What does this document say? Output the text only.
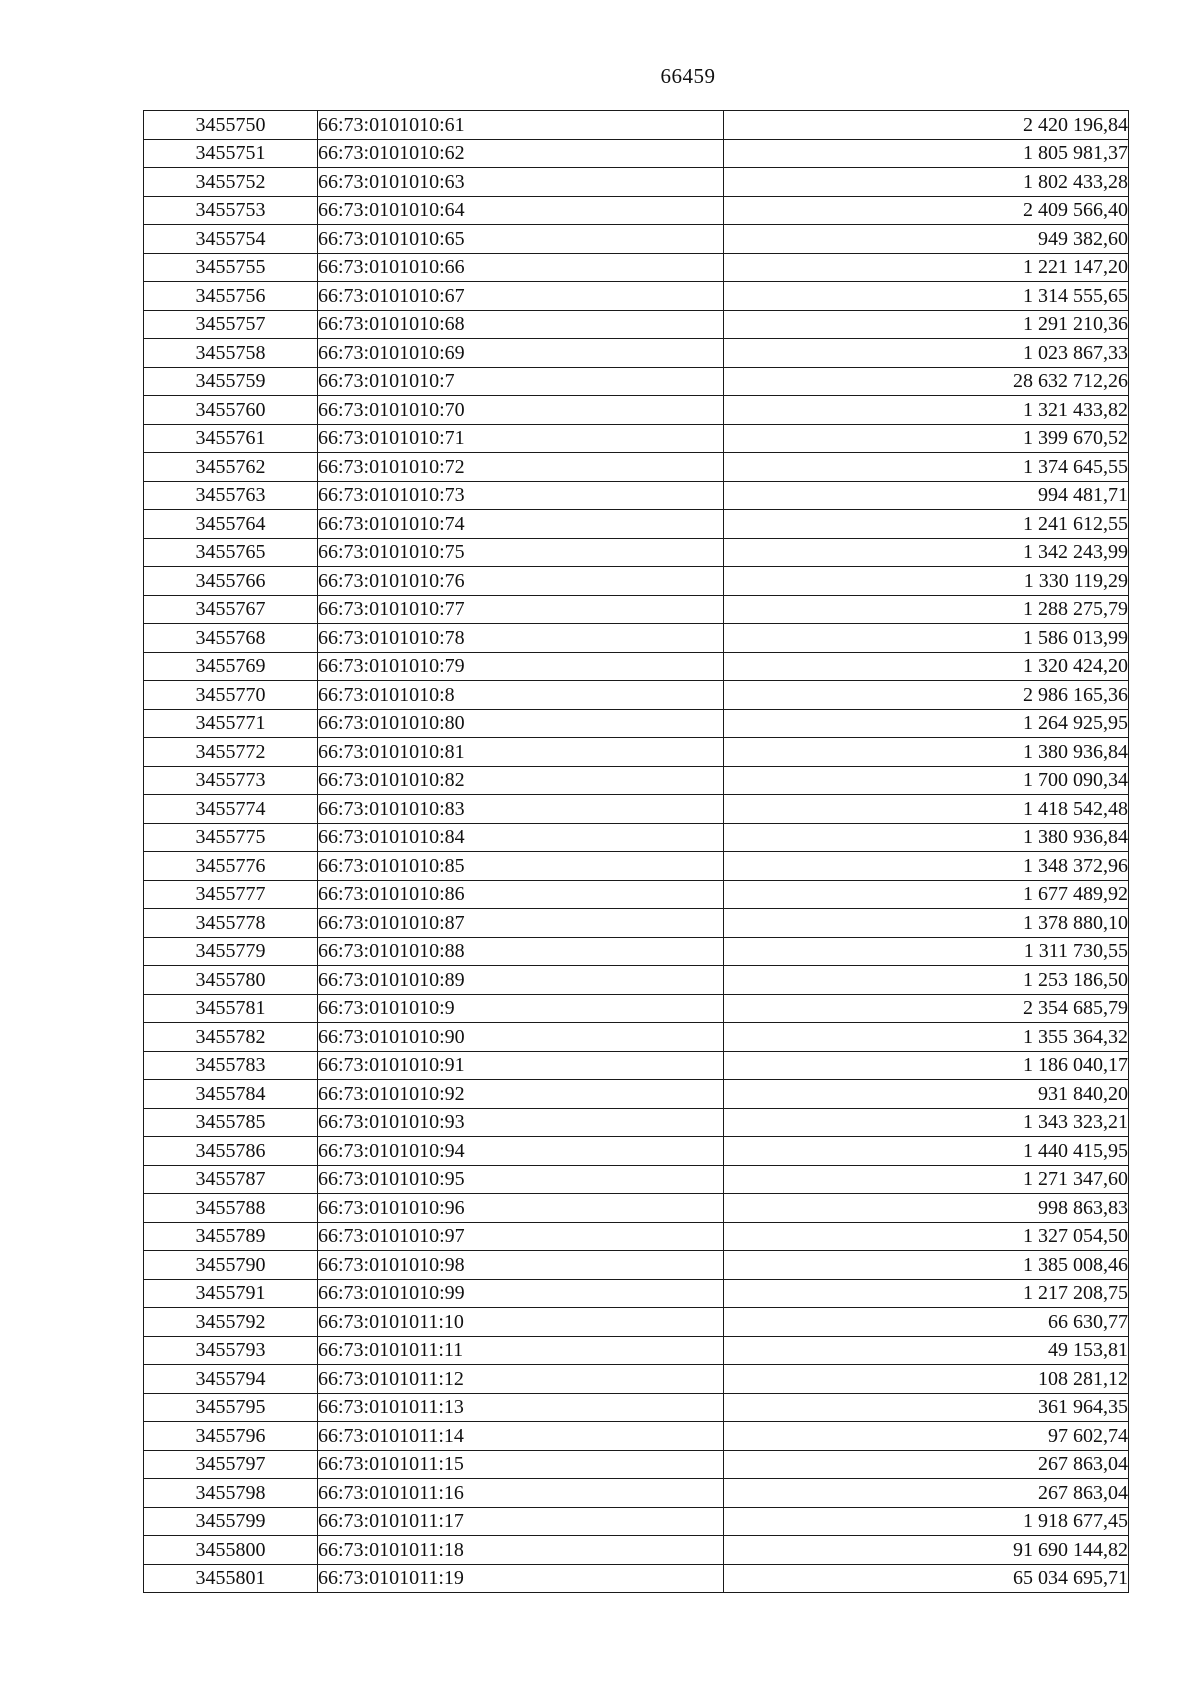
66459
3455750	66:73:0101010:61	2 420 196,84
3455751	66:73:0101010:62	1 805 981,37
3455752	66:73:0101010:63	1 802 433,28
3455753	66:73:0101010:64	2 409 566,40
3455754	66:73:0101010:65	949 382,60
3455755	66:73:0101010:66	1 221 147,20
3455756	66:73:0101010:67	1 314 555,65
3455757	66:73:0101010:68	1 291 210,36
3455758	66:73:0101010:69	1 023 867,33
3455759	66:73:0101010:7	28 632 712,26
3455760	66:73:0101010:70	1 321 433,82
3455761	66:73:0101010:71	1 399 670,52
3455762	66:73:0101010:72	1 374 645,55
3455763	66:73:0101010:73	994 481,71
3455764	66:73:0101010:74	1 241 612,55
3455765	66:73:0101010:75	1 342 243,99
3455766	66:73:0101010:76	1 330 119,29
3455767	66:73:0101010:77	1 288 275,79
3455768	66:73:0101010:78	1 586 013,99
3455769	66:73:0101010:79	1 320 424,20
3455770	66:73:0101010:8	2 986 165,36
3455771	66:73:0101010:80	1 264 925,95
3455772	66:73:0101010:81	1 380 936,84
3455773	66:73:0101010:82	1 700 090,34
3455774	66:73:0101010:83	1 418 542,48
3455775	66:73:0101010:84	1 380 936,84
3455776	66:73:0101010:85	1 348 372,96
3455777	66:73:0101010:86	1 677 489,92
3455778	66:73:0101010:87	1 378 880,10
3455779	66:73:0101010:88	1 311 730,55
3455780	66:73:0101010:89	1 253 186,50
3455781	66:73:0101010:9	2 354 685,79
3455782	66:73:0101010:90	1 355 364,32
3455783	66:73:0101010:91	1 186 040,17
3455784	66:73:0101010:92	931 840,20
3455785	66:73:0101010:93	1 343 323,21
3455786	66:73:0101010:94	1 440 415,95
3455787	66:73:0101010:95	1 271 347,60
3455788	66:73:0101010:96	998 863,83
3455789	66:73:0101010:97	1 327 054,50
3455790	66:73:0101010:98	1 385 008,46
3455791	66:73:0101010:99	1 217 208,75
3455792	66:73:0101011:10	66 630,77
3455793	66:73:0101011:11	49 153,81
3455794	66:73:0101011:12	108 281,12
3455795	66:73:0101011:13	361 964,35
3455796	66:73:0101011:14	97 602,74
3455797	66:73:0101011:15	267 863,04
3455798	66:73:0101011:16	267 863,04
3455799	66:73:0101011:17	1 918 677,45
3455800	66:73:0101011:18	91 690 144,82
3455801	66:73:0101011:19	65 034 695,71
